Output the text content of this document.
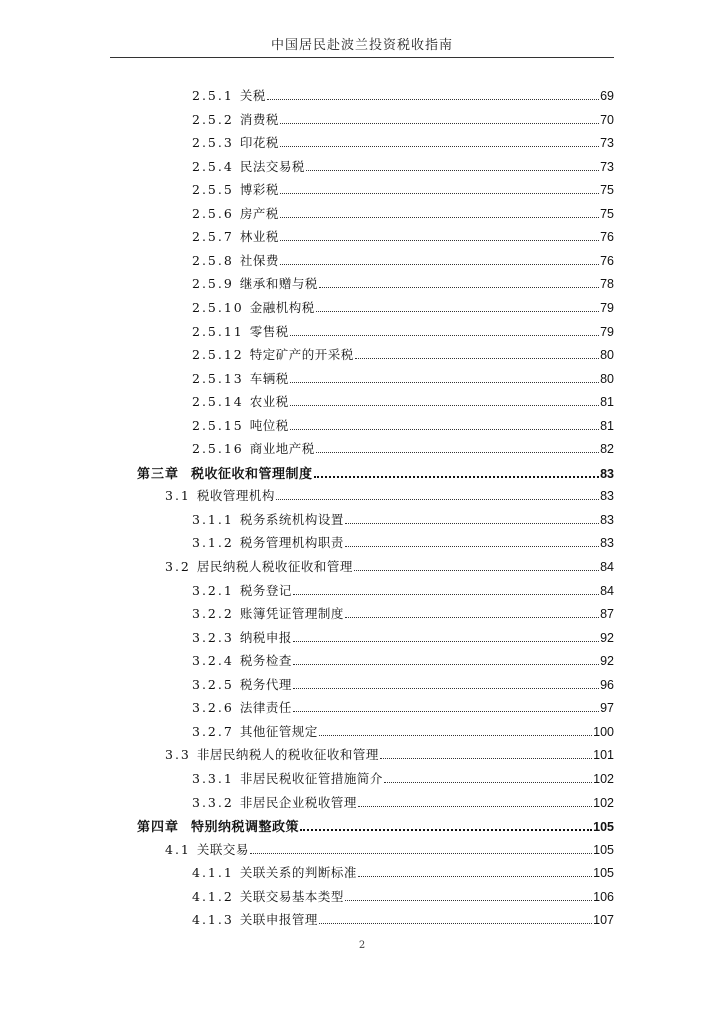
中国居民赴波兰投资税收指南
2.5.1 关税	69
2.5.2 消费税	70
2.5.3 印花税	73
2.5.4 民法交易税	73
2.5.5 博彩税	75
2.5.6 房产税	75
2.5.7 林业税	76
2.5.8 社保费	76
2.5.9 继承和赠与税	78
2.5.10 金融机构税	79
2.5.11 零售税	79
2.5.12 特定矿产的开采税	80
2.5.13 车辆税	80
2.5.14 农业税	81
2.5.15 吨位税	81
2.5.16 商业地产税	82
第三章 税收征收和管理制度	83
3.1 税收管理机构	83
3.1.1 税务系统机构设置	83
3.1.2 税务管理机构职责	83
3.2 居民纳税人税收征收和管理	84
3.2.1 税务登记	84
3.2.2 账簿凭证管理制度	87
3.2.3 纳税申报	92
3.2.4 税务检查	92
3.2.5 税务代理	96
3.2.6 法律责任	97
3.2.7 其他征管规定	100
3.3 非居民纳税人的税收征收和管理	101
3.3.1 非居民税收征管措施简介	102
3.3.2 非居民企业税收管理	102
第四章 特别纳税调整政策	105
4.1 关联交易	105
4.1.1 关联关系的判断标准	105
4.1.2 关联交易基本类型	106
4.1.3 关联申报管理	107
2
